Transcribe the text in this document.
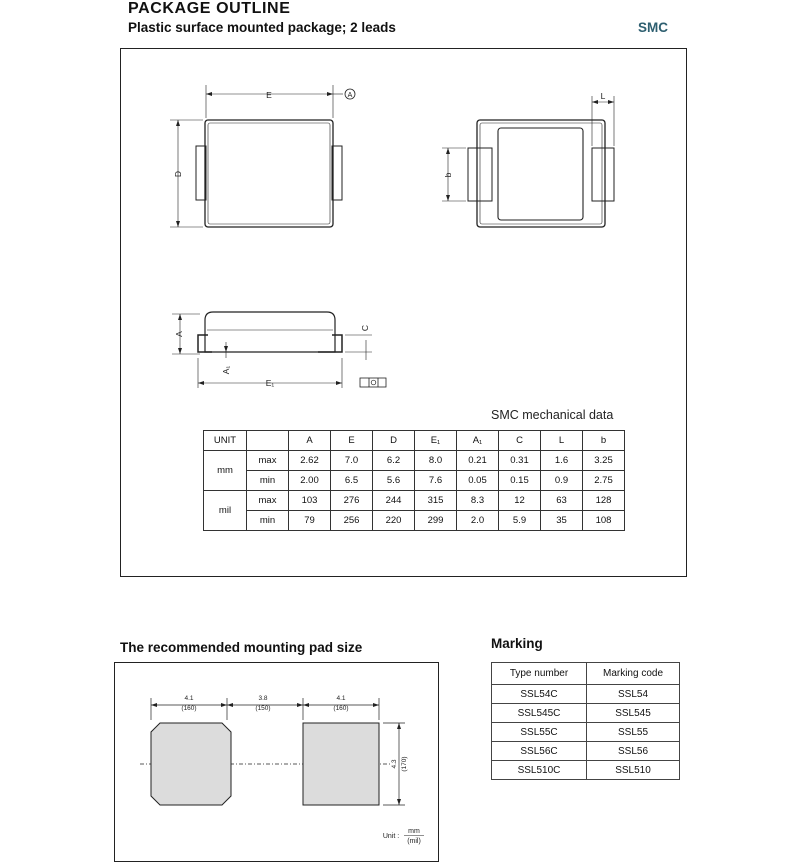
PACKAGE OUTLINE
Plastic surface mounted package; 2 leads	SMC
E	A
D	b
L
A
A₁
C
E₁
SMC mechanical data
UNIT		A	E	D	E₁	A₁	C	L	b
mm	max	2.62	7.0	6.2	8.0	0.21	0.31	1.6	3.25
	min	2.00	6.5	5.6	7.6	0.05	0.15	0.9	2.75
mil	max	103	276	244	315	8.3	12	63	128
	min	79	256	220	299	2.0	5.9	35	108
The recommended mounting pad size
4.1
(160)
3.8
(150)
4.1
(160)
4.3 (170)
Unit :
mm
(mil)
Marking
Type number	Marking code
SSL54C	SSL54
SSL545C	SSL545
SSL55C	SSL55
SSL56C	SSL56
SSL510C	SSL510
